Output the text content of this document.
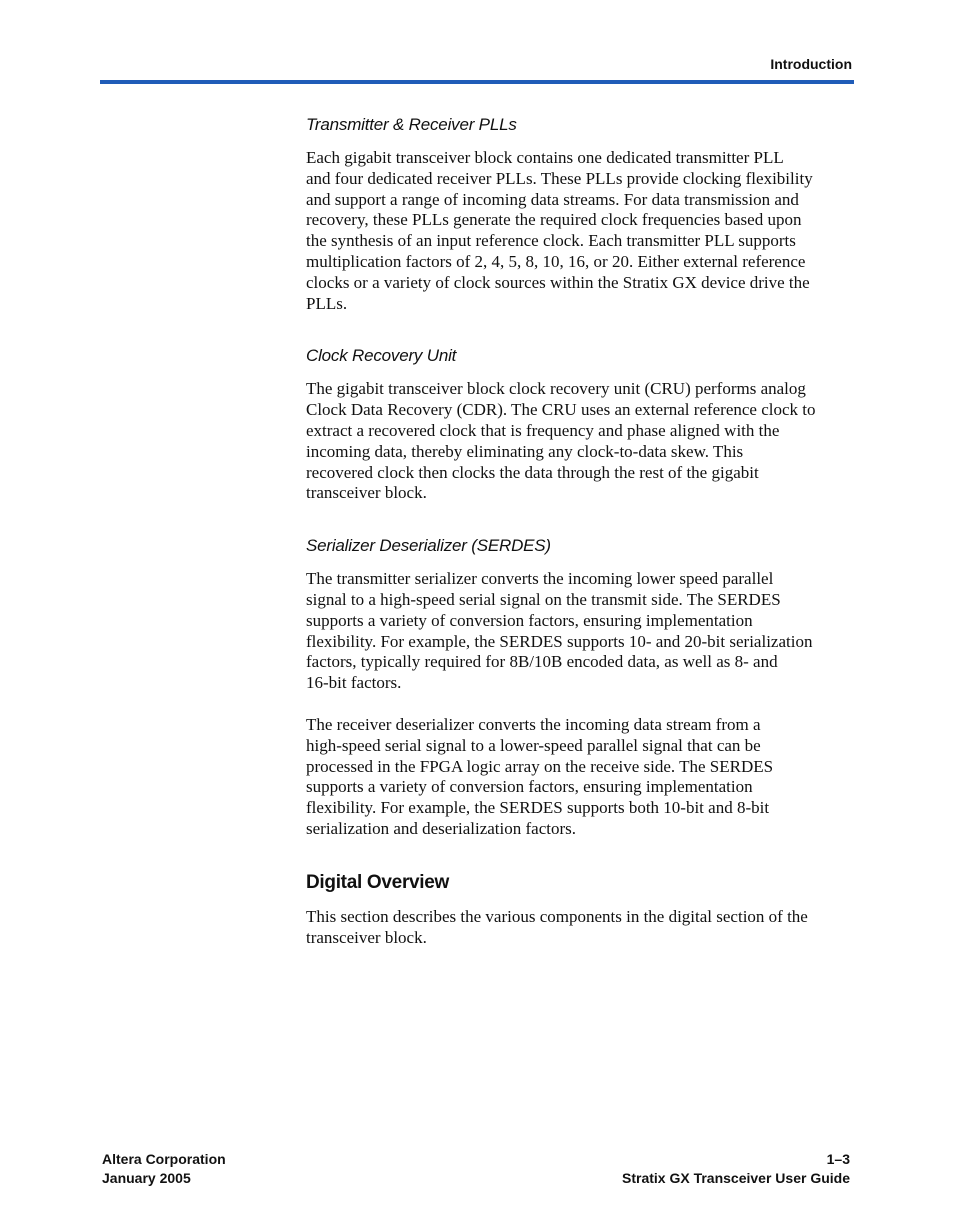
Introduction
Transmitter & Receiver PLLs
Each gigabit transceiver block contains one dedicated transmitter PLL
and four dedicated receiver PLLs. These PLLs provide clocking flexibility
and support a range of incoming data streams. For data transmission and
recovery, these PLLs generate the required clock frequencies based upon
the synthesis of an input reference clock. Each transmitter PLL supports
multiplication factors of 2, 4, 5, 8, 10, 16, or 20. Either external reference
clocks or a variety of clock sources within the Stratix GX device drive the
PLLs.
Clock Recovery Unit
The gigabit transceiver block clock recovery unit (CRU) performs analog
Clock Data Recovery (CDR). The CRU uses an external reference clock to
extract a recovered clock that is frequency and phase aligned with the
incoming data, thereby eliminating any clock-to-data skew. This
recovered clock then clocks the data through the rest of the gigabit
transceiver block.
Serializer Deserializer (SERDES)
The transmitter serializer converts the incoming lower speed parallel
signal to a high-speed serial signal on the transmit side. The SERDES
supports a variety of conversion factors, ensuring implementation
flexibility. For example, the SERDES supports 10- and 20-bit serialization
factors, typically required for 8B/10B encoded data, as well as 8- and
16-bit factors.
The receiver deserializer converts the incoming data stream from a
high-speed serial signal to a lower-speed parallel signal that can be
processed in the FPGA logic array on the receive side. The SERDES
supports a variety of conversion factors, ensuring implementation
flexibility. For example, the SERDES supports both 10-bit and 8-bit
serialization and deserialization factors.
Digital Overview
This section describes the various components in the digital section of the
transceiver block.
Altera Corporation
January 2005
1–3
Stratix GX Transceiver User Guide
